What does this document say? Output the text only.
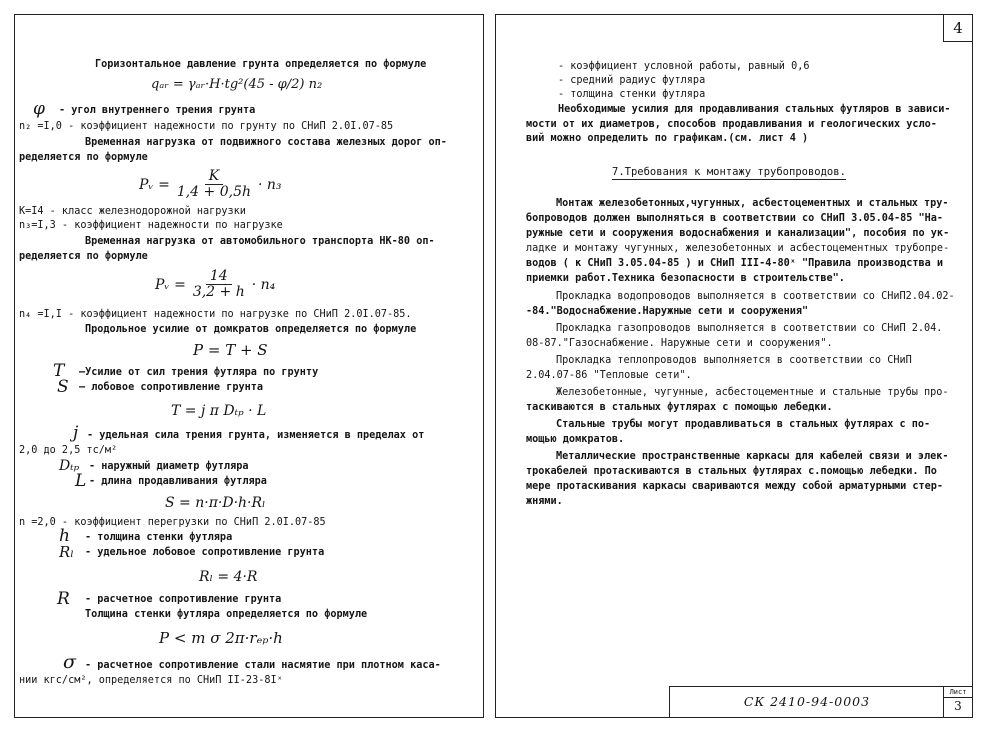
Горизонтальное давление грунта определяется по формуле
qₐᵣ = γₐᵣ·H·tg²(45 - φ/2) n₂
φ - угол внутреннего трения грунта
n₂ =I,0 - коэффициент надежности по грунту по СНиП 2.0I.07-85
Временная нагрузка от подвижного состава железных дорог оп-
ределяется по формуле
Pᵥ = $\frac{K}{1,4 + 0,5h} \cdot n_3$
K=I4 - класс железнодорожной нагрузки
n₃=I,3 - коэффициент надежности по нагрузке
Временная нагрузка от автомобильного транспорта НК-80 оп-
ределяется по формуле
Pᵥ = $\frac{14}{3,2 + h} \cdot n_4$
n₄ =I,I - коэффициент надежности по нагрузке по СНиП 2.0I.07-85.
Продольное усилие от домкратов определяется по формуле
P = T + S
T —Усилие от сил трения футляра по грунту
S — лобовое сопротивление грунта
T = j π Dₜₚ · L
j - удельная сила трения грунта, изменяется в пределах от
2,0 до 2,5 тс/м²
Dₜₚ - наружный диаметр футляра
L - длина продавливания футляра
S = n·π·D·h·Rₗ
n =2,0 - коэффициент перегрузки по СНиП 2.0I.07-85
h - толщина стенки футляра
Rₗ - удельное лобовое сопротивление грунта
Rₗ = 4·R
R - расчетное сопротивление грунта
Толщина стенки футляра определяется по формуле
P < m σ 2π·rₑₚ·h
σ - расчетное сопротивление стали насмятие при плотном каса-
нии кгс/см², определяется по СНиП II-23-8Iˣ
4
- коэффициент условной работы, равный 0,6
- средний радиус футляра
- толщина стенки футляра
Необходимые усилия для продавливания стальных футляров в зависи-
мости от их диаметров, способов продавливания и геологических усло-
вий можно определить по графикам.(см. лист 4 )
7.Требования к монтажу трубопроводов.
Монтаж железобетонных,чугунных, асбестоцементных и стальных тру-
бопроводов должен выполняться в соответствии со СНиП 3.05.04-85 "На-
ружные сети и сооружения водоснабжения и канализации", пособия по ук-
ладке и монтажу чугунных, железобетонных и асбестоцементных трубопре-
водов ( к СНиП 3.05.04-85 ) и СНиП III-4-80ˣ "Правила производства и
приемки работ.Техника безопасности в строительстве".
Прокладка водопроводов выполняется в соответствии со СНиП2.04.02-
-84."Водоснабжение.Наружные сети и сооружения"
Прокладка газопроводов выполняется в соответствии со СНиП 2.04.
08-87."Газоснабжение. Наружные сети и сооружения".
Прокладка теплопроводов выполняется в соответствии со СНиП
2.04.07-86 "Тепловые сети".
Железобетонные, чугунные, асбестоцементные и стальные трубы про-
таскиваются в стальных футлярах с помощью лебедки.
Стальные трубы могут продавливаться в стальных футлярах с по-
мощью домкратов.
Металлические пространственные каркасы для кабелей связи и элек-
трокабелей протаскиваются в стальных футлярах с.помощью лебедки. По
мере протаскивания каркасы свариваются между собой арматурными стер-
жнями.
СК 2410-94-0003
Лист
3
